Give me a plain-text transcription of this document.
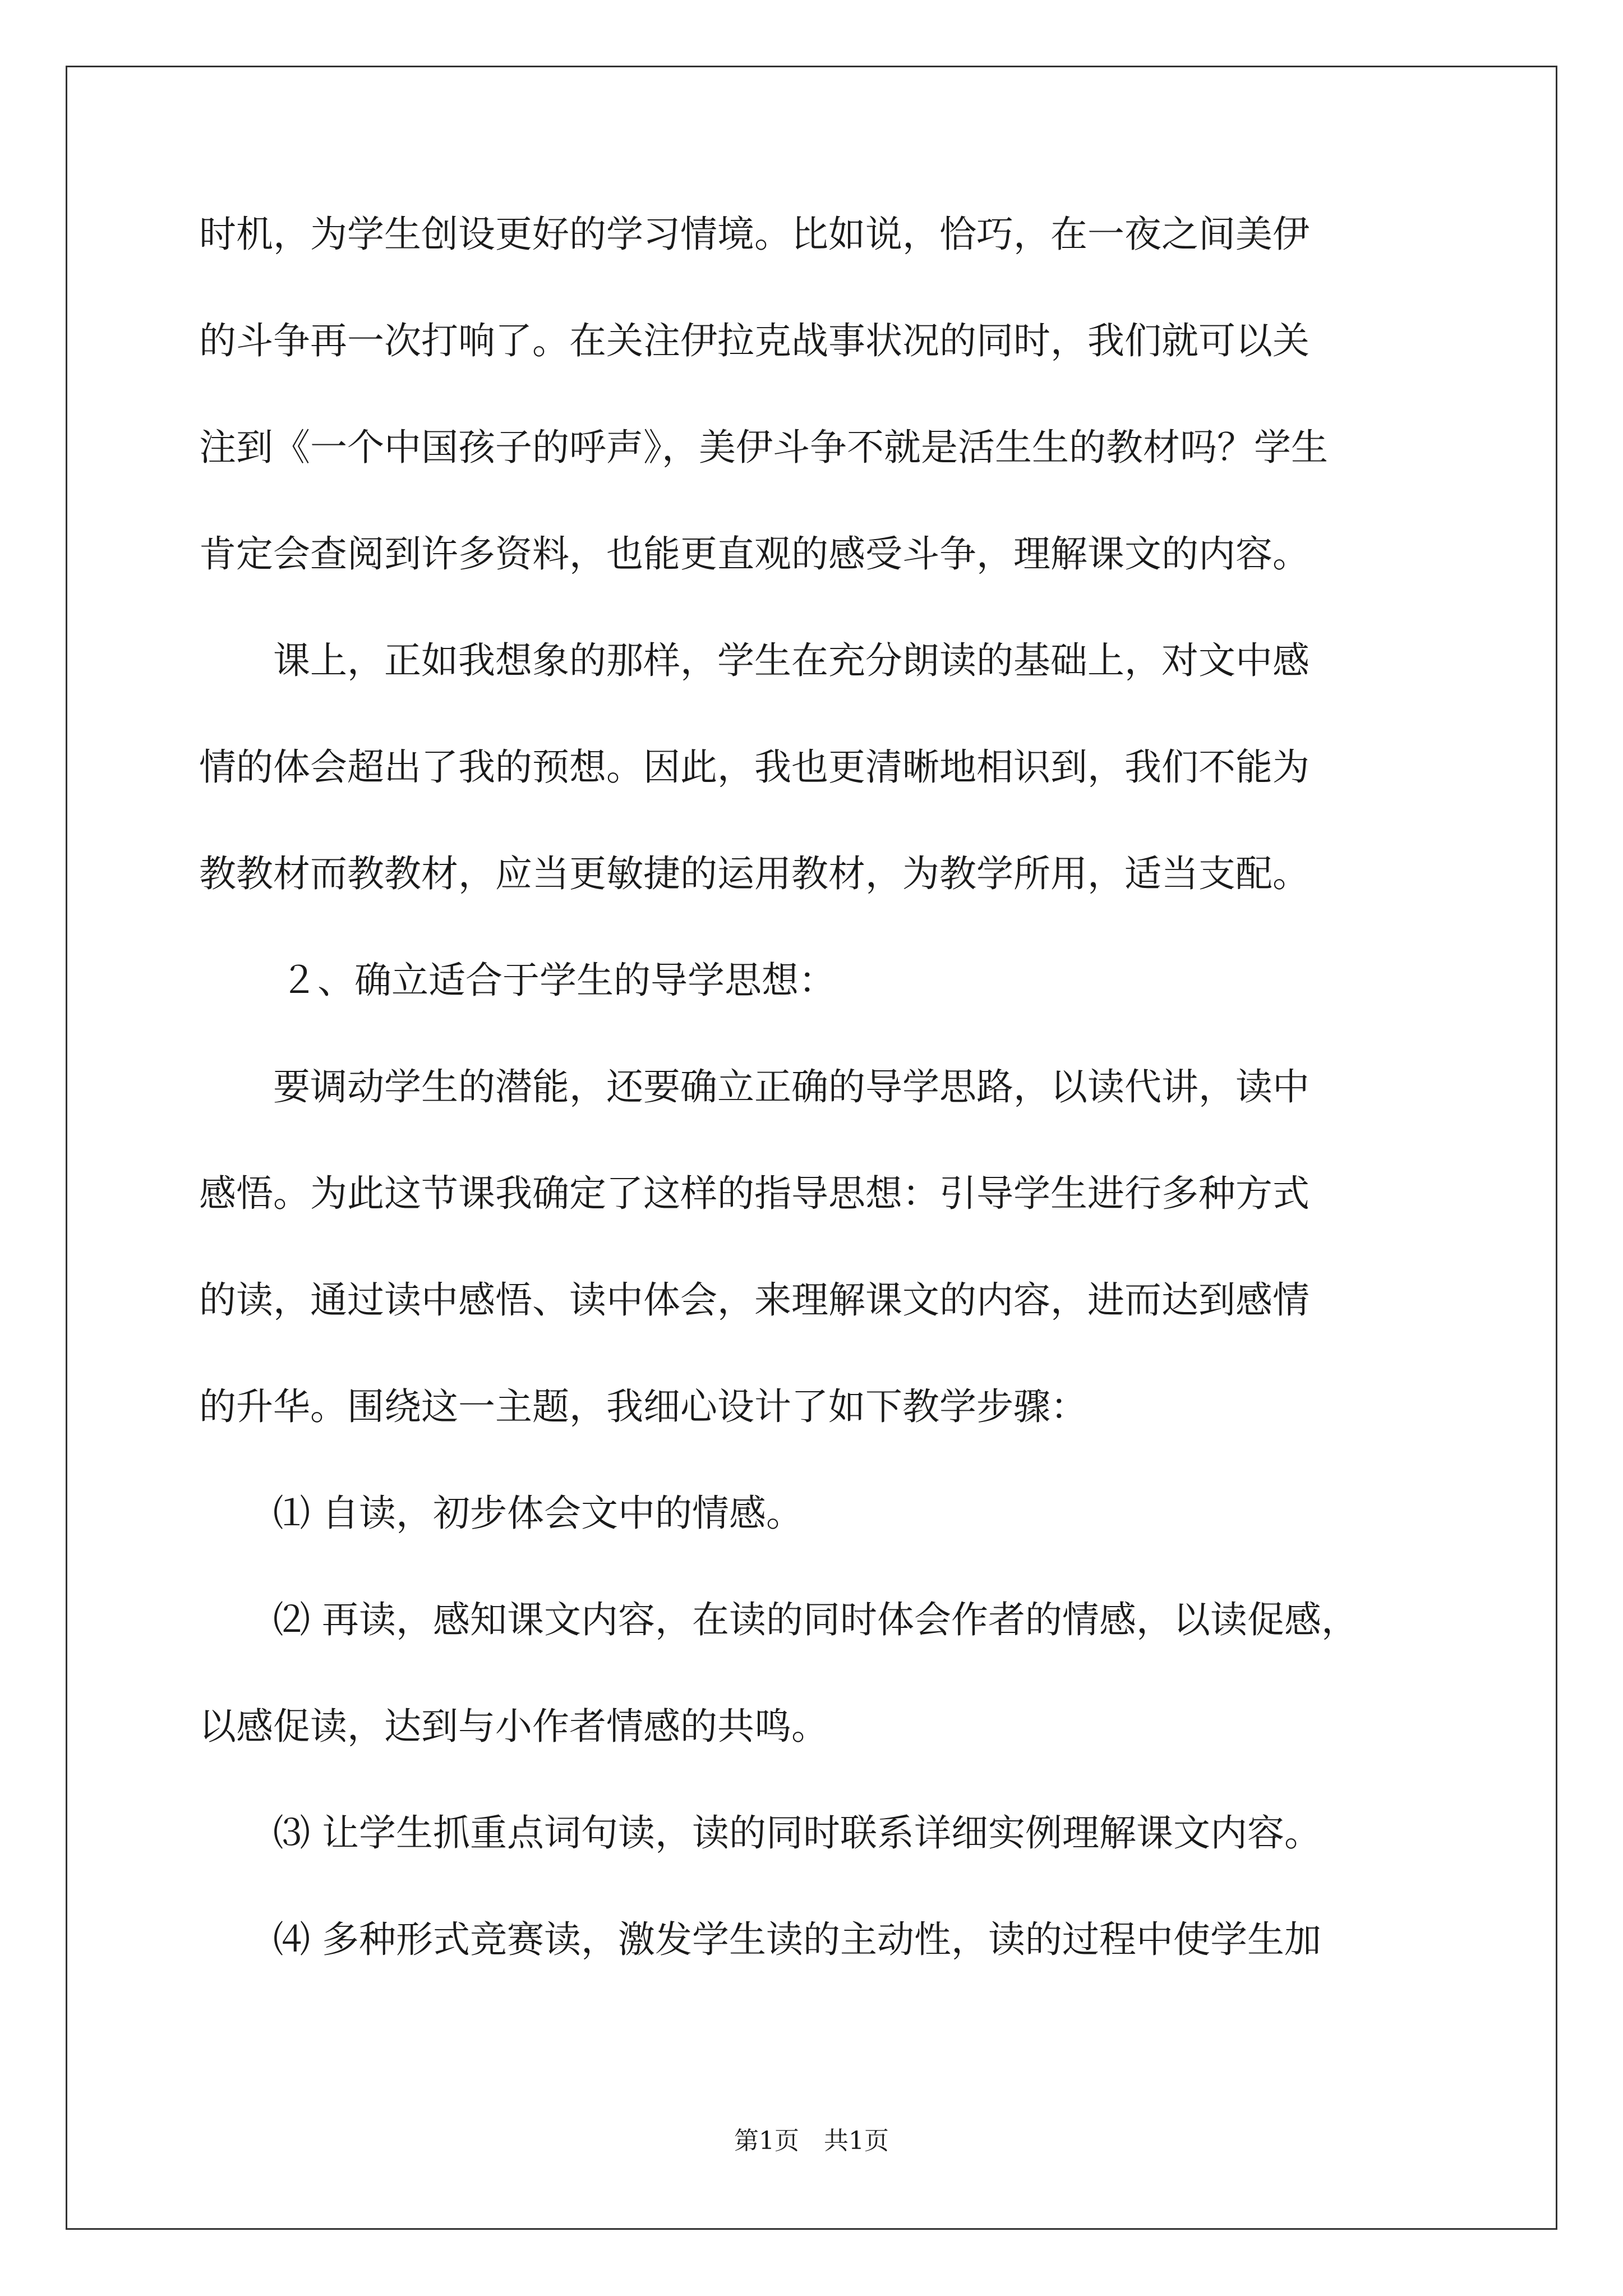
时机，为学生创设更好的学习情境。比如说，恰巧，在一夜之间美伊
的斗争再一次打响了。在关注伊拉克战事状况的同时，我们就可以关
注到《一个中国孩子的呼声》，美伊斗争不就是活生生的教材吗？学生
肯定会查阅到许多资料，也能更直观的感受斗争，理解课文的内容。
课上，正如我想象的那样，学生在充分朗读的基础上，对文中感
情的体会超出了我的预想。因此，我也更清晰地相识到，我们不能为
教教材而教教材，应当更敏捷的运用教材，为教学所用，适当支配。
２、确立适合于学生的导学思想：
要调动学生的潜能，还要确立正确的导学思路，以读代讲，读中
感悟。为此这节课我确定了这样的指导思想：引导学生进行多种方式
的读，通过读中感悟、读中体会，来理解课文的内容，进而达到感情
的升华。围绕这一主题，我细心设计了如下教学步骤：
⑴ 自读，初步体会文中的情感。
⑵ 再读，感知课文内容，在读的同时体会作者的情感，以读促感，
以感促读，达到与小作者情感的共鸣。
⑶ 让学生抓重点词句读，读的同时联系详细实例理解课文内容。
⑷ 多种形式竞赛读，激发学生读的主动性，读的过程中使学生加
第1页　共1页
